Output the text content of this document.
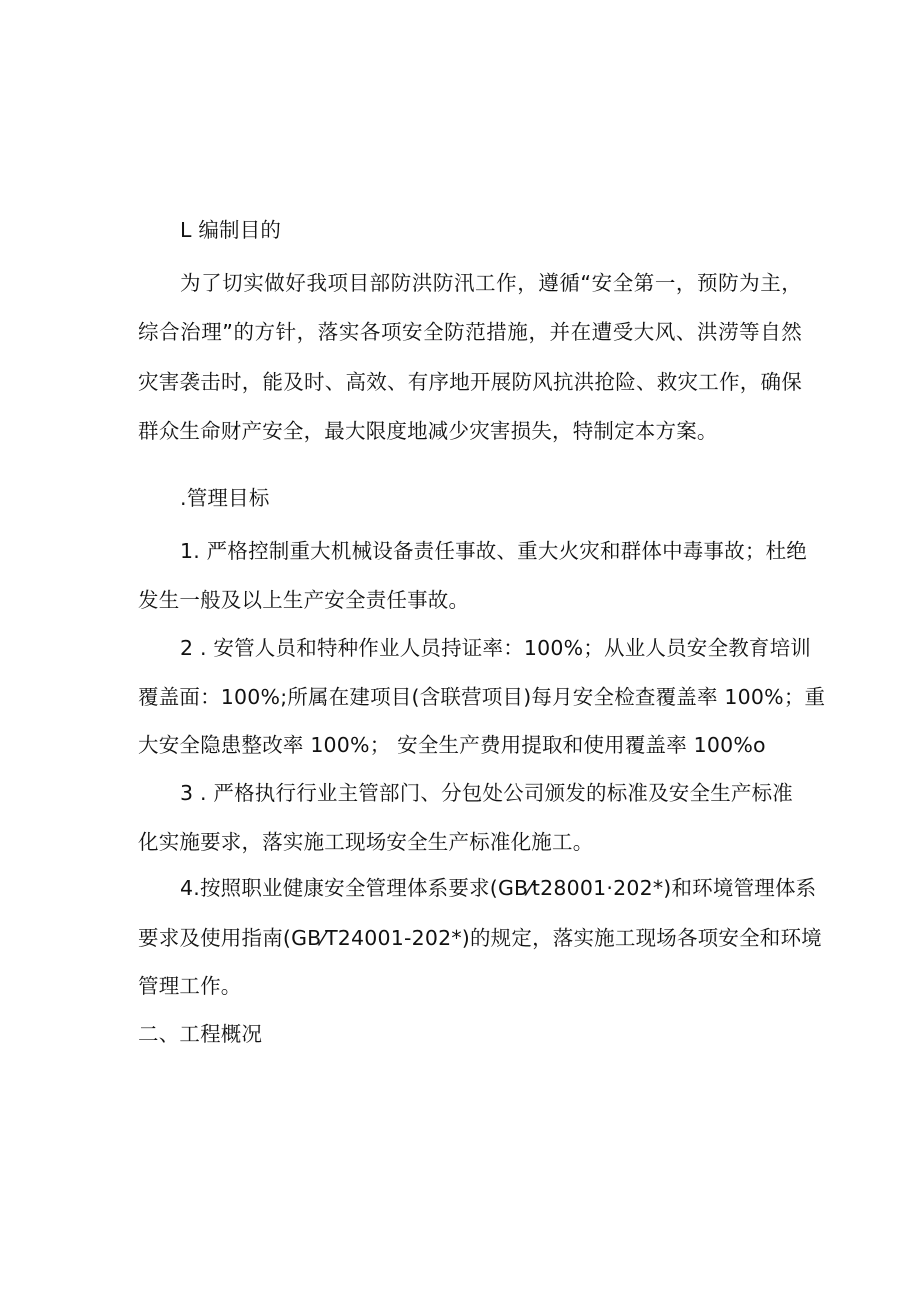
L 编制目的
为了切实做好我项目部防洪防汛工作，遵循“安全第一，预防为主，
综合治理”的方针，落实各项安全防范措施，并在遭受大风、洪涝等自然
灾害袭击时，能及时、高效、有序地开展防风抗洪抢险、救灾工作，确保
群众生命财产安全，最大限度地减少灾害损失，特制定本方案。
.管理目标
1. 严格控制重大机械设备责任事故、重大火灾和群体中毒事故；杜绝
发生一般及以上生产安全责任事故。
2 . 安管人员和特种作业人员持证率：100%；从业人员安全教育培训
覆盖面：100%;所属在建项目(含联营项目)每月安全检查覆盖率 100%；重
大安全隐患整改率 100%； 安全生产费用提取和使用覆盖率 100%o
3 . 严格执行行业主管部门、分包处公司颁发的标准及安全生产标准
化实施要求，落实施工现场安全生产标准化施工。
4.按照职业健康安全管理体系要求(GB⁄t28001·202*)和环境管理体系
要求及使用指南(GB⁄T24001-202*)的规定，落实施工现场各项安全和环境
管理工作。
二、工程概况
